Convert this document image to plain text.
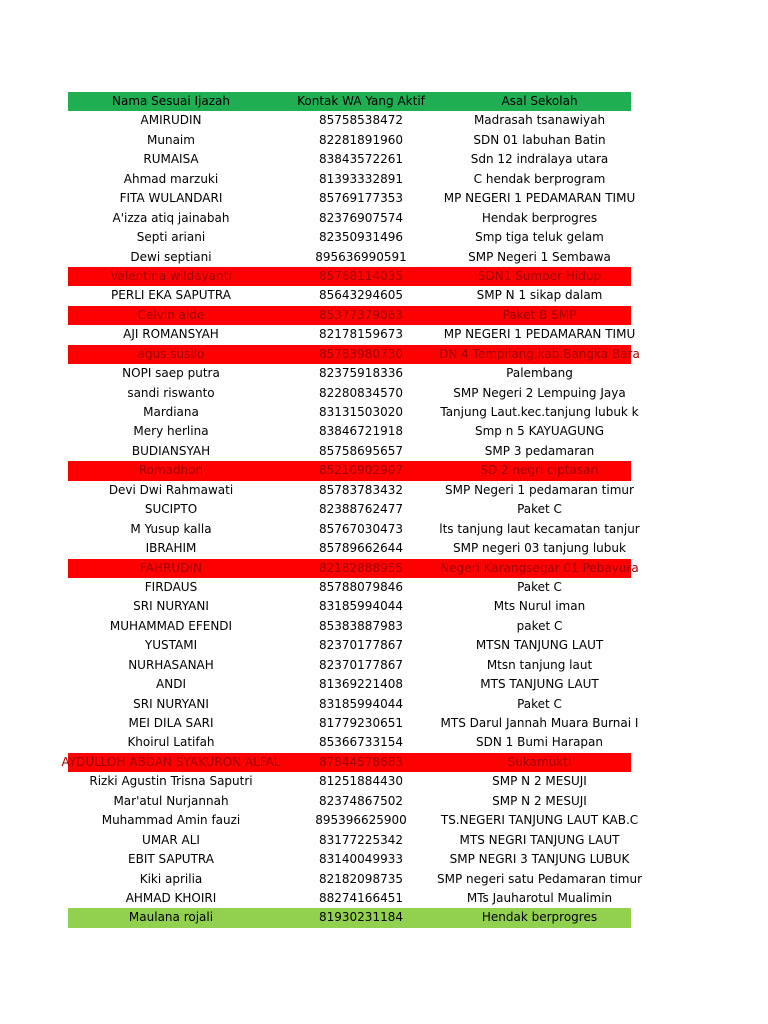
Nama Sesuai Ijazah	Kontak WA Yang Aktif	Asal Sekolah
AMIRUDIN	85758538472	Madrasah tsanawiyah
Munaim	82281891960	SDN 01 labuhan Batin
RUMAISA	83843572261	Sdn 12 indralaya utara
Ahmad marzuki	81393332891	C hendak berprogram
FITA WULANDARI	85769177353	MP NEGERI 1 PEDAMARAN TIMU
A'izza atiq jainabah	82376907574	Hendak berprogres
Septi ariani	82350931496	Smp tiga teluk gelam
Dewi septiani	895636990591	SMP Negeri 1 Sembawa
Valentina wildayanti	85768114035	SDN1 Sumber Hidup
PERLI EKA SAPUTRA	85643294605	SMP N 1 sikap dalam
Celvin alde	85377379063	Paket B SMP
AJI ROMANSYAH	82178159673	MP NEGERI 1 PEDAMARAN TIMU
agus susilo	85783980730	DN 4 Tempilang,kab.Bangka Bara
NOPI saep putra	82375918336	Palembang
sandi riswanto	82280834570	SMP Negeri 2 Lempuing Jaya
Mardiana	83131503020	Tanjung Laut.kec.tanjung lubuk k
Mery herlina	83846721918	Smp n 5 KAYUAGUNG
BUDIANSYAH	85758695657	SMP 3 pedamaran
Romadhon	85210902907	SD 2 negri ciptasari
Devi Dwi Rahmawati	85783783432	SMP Negeri 1 pedamaran timur
SUCIPTO	82388762477	Paket C
M Yusup kalla	85767030473	lts tanjung laut kecamatan tanjur
IBRAHIM	85789662644	SMP negeri 03 tanjung lubuk
FAHRUDIN	82182888955	Negeri Karangsegar 01 Pebayura
FIRDAUS	85788079846	Paket C
SRI NURYANI	83185994044	Mts Nurul iman
MUHAMMAD EFENDI	85383887983	paket C
YUSTAMI	82370177867	MTSN TANJUNG LAUT
NURHASANAH	82370177867	Mtsn tanjung laut
ANDI	81369221408	MTS TANJUNG LAUT
SRI NURYANI	83185994044	Paket C
MEI DILA SARI	81779230651	MTS Darul Jannah Muara Burnai I
Khoirul Latifah	85366733154	SDN 1 Bumi Harapan
AYDULLOH ABDAN SYAKURON ALFAL	87844578683	Sukamukti
Rizki Agustin Trisna Saputri	81251884430	SMP N 2 MESUJI
Mar'atul Nurjannah	82374867502	SMP N 2 MESUJI
Muhammad Amin fauzi	895396625900	TS.NEGERI TANJUNG LAUT KAB.C
UMAR ALI	83177225342	MTS NEGRI TANJUNG LAUT
EBIT SAPUTRA	83140049933	SMP NEGRI 3 TANJUNG LUBUK
Kiki aprilia	82182098735	SMP negeri satu Pedamaran timur
AHMAD KHOIRI	88274166451	MTs Jauharotul Mualimin
Maulana rojali	81930231184	Hendak berprogres
